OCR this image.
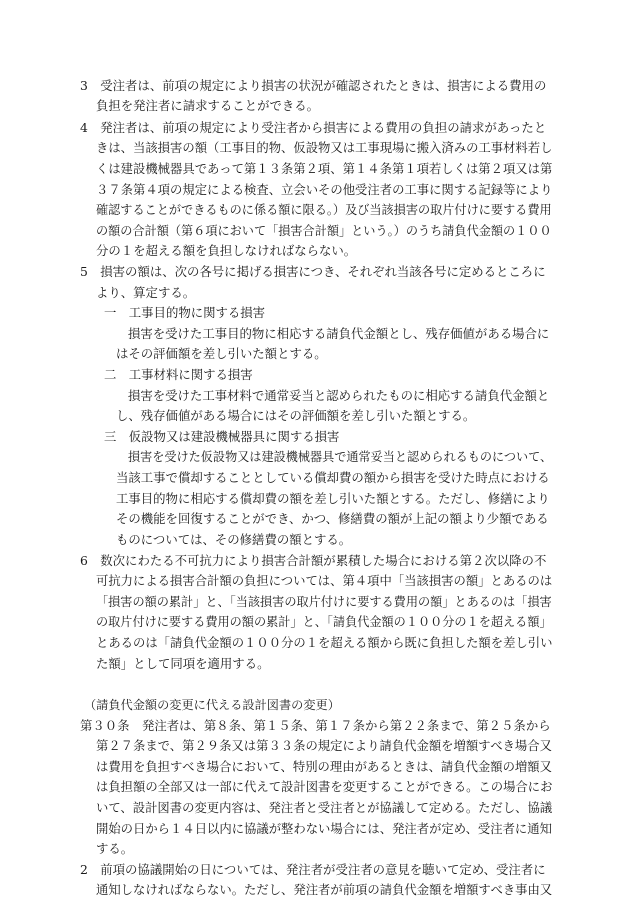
3　受注者は、前項の規定により損害の状況が確認されたときは、損害による費用の
負担を発注者に請求することができる。
4　発注者は、前項の規定により受注者から損害による費用の負担の請求があったと
きは、当該損害の額（工事目的物、仮設物又は工事現場に搬入済みの工事材料若し
くは建設機械器具であって第１３条第２項、第１４条第１項若しくは第２項又は第
３７条第４項の規定による検査、立会いその他受注者の工事に関する記録等により
確認することができるものに係る額に限る。）及び当該損害の取片付けに要する費用
の額の合計額（第６項において「損害合計額」という。）のうち請負代金額の１００
分の１を超える額を負担しなければならない。
5　損害の額は、次の各号に掲げる損害につき、それぞれ当該各号に定めるところに
より、算定する。
一　工事目的物に関する損害
損害を受けた工事目的物に相応する請負代金額とし、残存価値がある場合に
はその評価額を差し引いた額とする。
二　工事材料に関する損害
損害を受けた工事材料で通常妥当と認められたものに相応する請負代金額と
し、残存価値がある場合にはその評価額を差し引いた額とする。
三　仮設物又は建設機械器具に関する損害
損害を受けた仮設物又は建設機械器具で通常妥当と認められるものについて、
当該工事で償却することとしている償却費の額から損害を受けた時点における
工事目的物に相応する償却費の額を差し引いた額とする。ただし、修繕により
その機能を回復することができ、かつ、修繕費の額が上記の額より少額である
ものについては、その修繕費の額とする。
6　数次にわたる不可抗力により損害合計額が累積した場合における第２次以降の不
可抗力による損害合計額の負担については、第４項中「当該損害の額」とあるのは
「損害の額の累計」と、「当該損害の取片付けに要する費用の額」とあるのは「損害
の取片付けに要する費用の額の累計」と、「請負代金額の１００分の１を超える額」
とあるのは「請負代金額の１００分の１を超える額から既に負担した額を差し引い
た額」として同項を適用する。
（請負代金額の変更に代える設計図書の変更）
第３０条　発注者は、第８条、第１５条、第１７条から第２２条まで、第２５条から
第２７条まで、第２９条又は第３３条の規定により請負代金額を増額すべき場合又
は費用を負担すべき場合において、特別の理由があるときは、請負代金額の増額又
は負担額の全部又は一部に代えて設計図書を変更することができる。この場合にお
いて、設計図書の変更内容は、発注者と受注者とが協議して定める。ただし、協議
開始の日から１４日以内に協議が整わない場合には、発注者が定め、受注者に通知
する。
2　前項の協議開始の日については、発注者が受注者の意見を聴いて定め、受注者に
通知しなければならない。ただし、発注者が前項の請負代金額を増額すべき事由又
